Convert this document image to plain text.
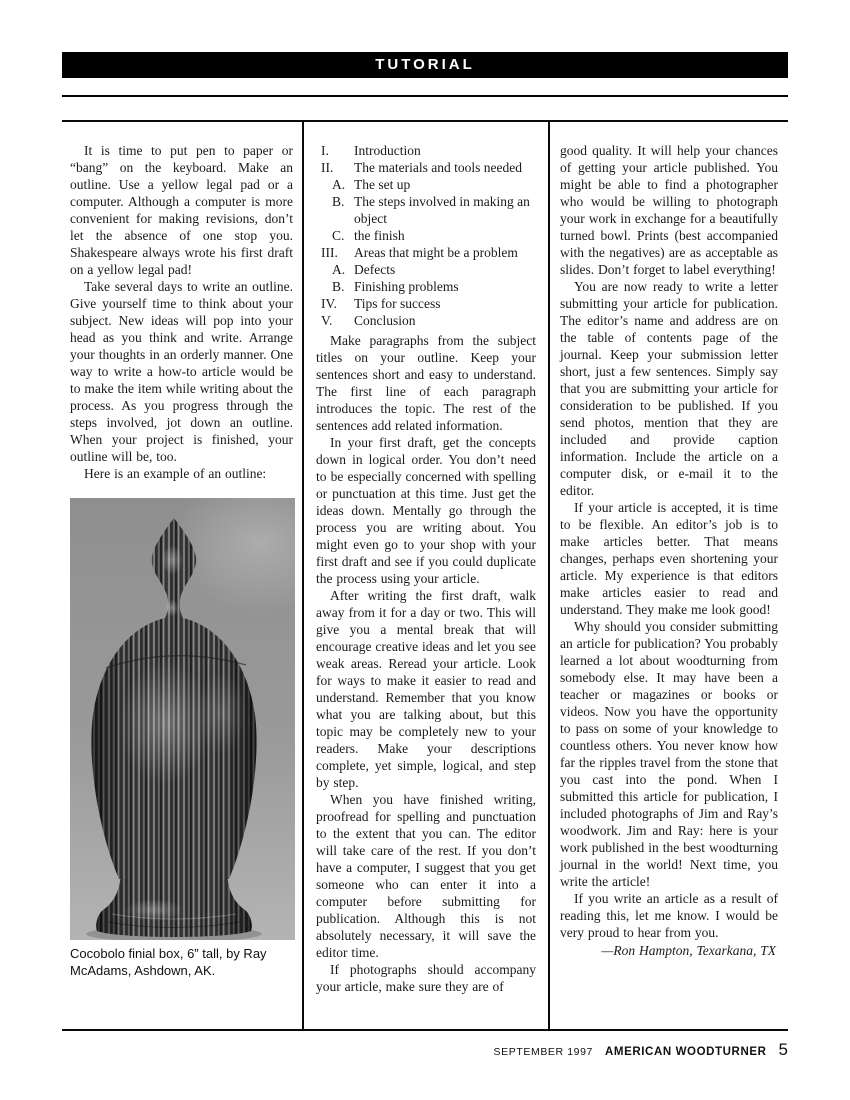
TUTORIAL

It is time to put pen to paper or “bang” on the keyboard. Make an outline. Use a yellow legal pad or a computer. Although a computer is more convenient for making revisions, don’t let the absence of one stop you. Shakespeare always wrote his first draft on a yellow legal pad!

Take several days to write an outline. Give yourself time to think about your subject. New ideas will pop into your head as you think and write. Arrange your thoughts in an orderly manner. One way to write a how-to article would be to make the item while writing about the process. As you progress through the steps involved, jot down an outline. When your project is finished, your outline will be, too.

Here is an example of an outline:

Cocobolo finial box, 6” tall, by Ray McAdams, Ashdown, AK.
I. Introduction
II. The materials and tools needed
A. The set up
B. The steps involved in making an object
C. the finish
III. Areas that might be a problem
A. Defects
B. Finishing problems
IV. Tips for success
V. Conclusion

Make paragraphs from the subject titles on your outline. Keep your sentences short and easy to understand. The first line of each paragraph introduces the topic. The rest of the sentences add related information.

In your first draft, get the concepts down in logical order. You don’t need to be especially concerned with spelling or punctuation at this time. Just get the ideas down. Mentally go through the process you are writing about. You might even go to your shop with your first draft and see if you could duplicate the process using your article.

After writing the first draft, walk away from it for a day or two. This will give you a mental break that will encourage creative ideas and let you see weak areas. Reread your article. Look for ways to make it easier to read and understand. Remember that you know what you are talking about, but this topic may be completely new to your readers. Make your descriptions complete, yet simple, logical, and step by step.

When you have finished writing, proofread for spelling and punctuation to the extent that you can. The editor will take care of the rest. If you don’t have a computer, I suggest that you get someone who can enter it into a computer before submitting for publication. Although this is not absolutely necessary, it will save the editor time.

If photographs should accompany your article, make sure they are of

good quality. It will help your chances of getting your article published. You might be able to find a photographer who would be willing to photograph your work in exchange for a beautifully turned bowl. Prints (best accompanied with the negatives) are as acceptable as slides. Don’t forget to label everything!

You are now ready to write a letter submitting your article for publication. The editor’s name and address are on the table of contents page of the journal. Keep your submission letter short, just a few sentences. Simply say that you are submitting your article for consideration to be published. If you send photos, mention that they are included and provide caption information. Include the article on a computer disk, or e-mail it to the editor.

If your article is accepted, it is time to be flexible. An editor’s job is to make articles better. That means changes, perhaps even shortening your article. My experience is that editors make articles easier to read and understand. They make me look good!

Why should you consider submitting an article for publication? You probably learned a lot about woodturning from somebody else. It may have been a teacher or magazines or books or videos. Now you have the opportunity to pass on some of your knowledge to countless others. You never know how far the ripples travel from the stone that you cast into the pond. When I submitted this article for publication, I included photographs of Jim and Ray’s woodwork. Jim and Ray: here is your work published in the best woodturning journal in the world! Next time, you write the article!

If you write an article as a result of reading this, let me know. I would be very proud to hear from you.

—Ron Hampton, Texarkana, TX

SEPTEMBER 1997 AMERICAN WOODTURNER 5
